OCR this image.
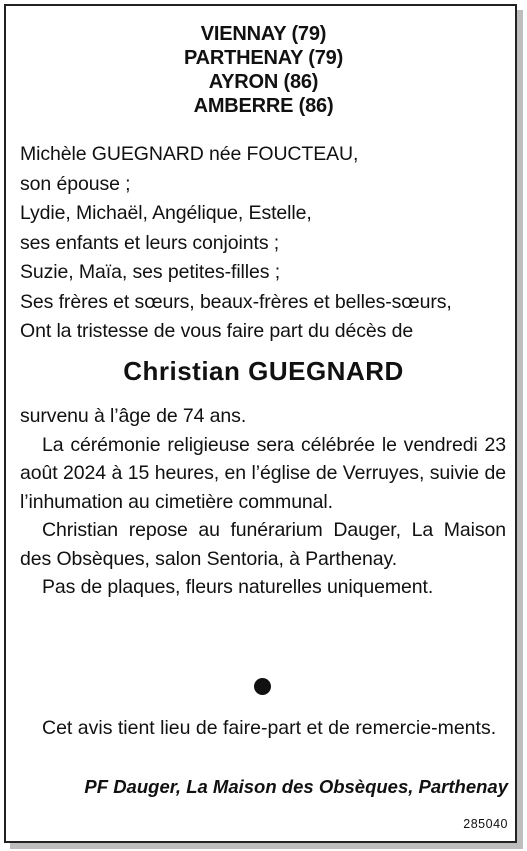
VIENNAY (79)
PARTHENAY (79)
AYRON (86)
AMBERRE (86)
Michèle GUEGNARD née FOUCTEAU,
son épouse ;
Lydie, Michaël, Angélique, Estelle,
ses enfants et leurs conjoints ;
Suzie, Maïa, ses petites-filles ;
Ses frères et sœurs, beaux-frères et belles-sœurs,
Ont la tristesse de vous faire part du décès de
Christian GUEGNARD

survenu à l’âge de 74 ans.

La cérémonie religieuse sera célébrée le vendredi 23 août 2024 à 15 heures, en l’église de Verruyes, suivie de l’inhumation au cimetière communal.

Christian repose au funérarium Dauger, La Maison des Obsèques, salon Sentoria, à Parthenay.

Pas de plaques, fleurs naturelles uniquement.

Cet avis tient lieu de faire-part et de remercie-ments.
PF Dauger, La Maison des Obsèques, Parthenay
285040
